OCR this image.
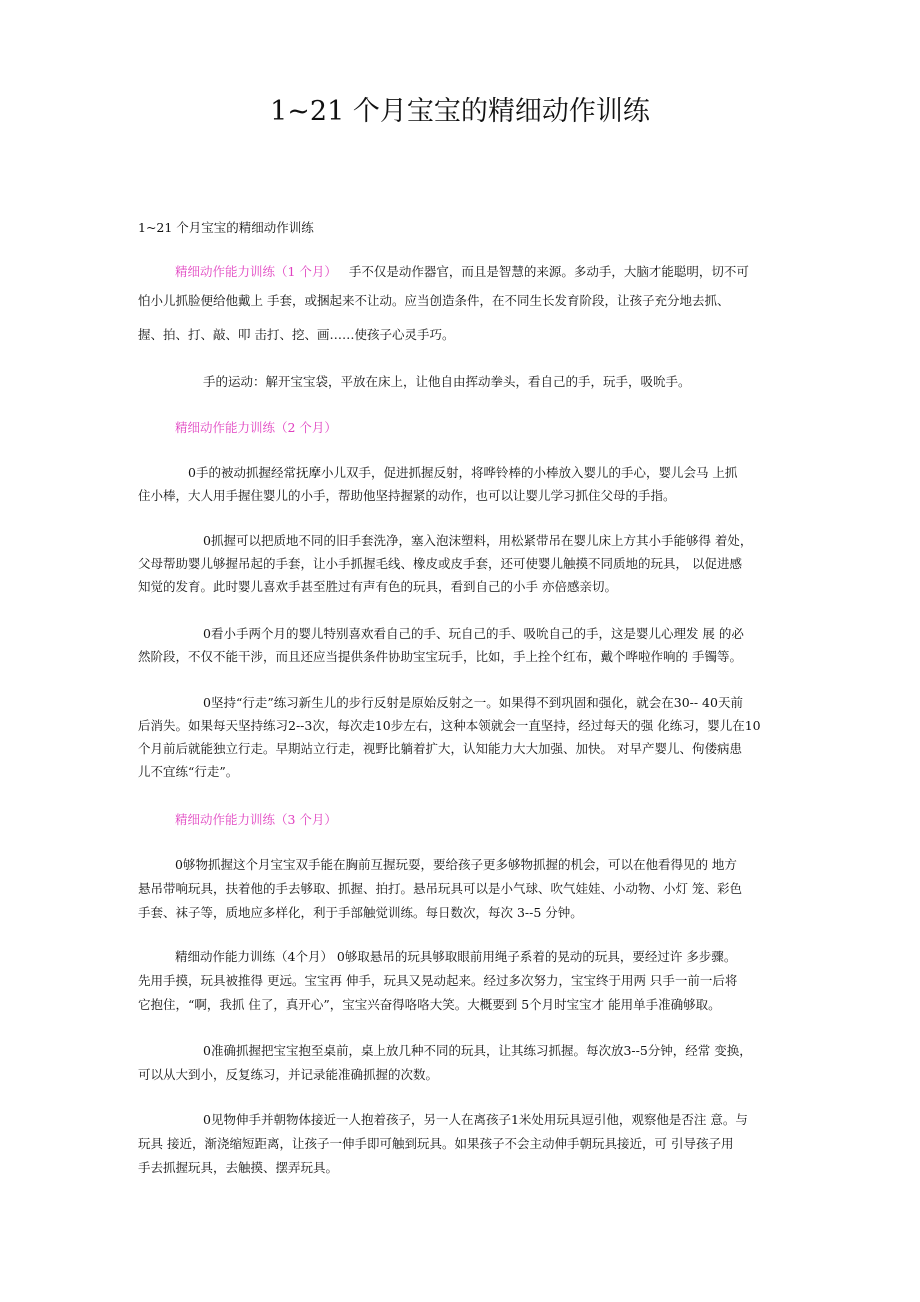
1~21 个月宝宝的精细动作训练

1~21 个月宝宝的精细动作训练

精细动作能力训练（1 个月） 手不仅是动作器官，而且是智慧的来源。多动手，大脑才能聪明，切不可

怕小儿抓脸便给他戴上 手套，或捆起来不让动。应当创造条件，在不同生长发育阶段，让孩子充分地去抓、

握、拍、打、敲、叩 击打、挖、画……使孩子心灵手巧。

手的运动：解开宝宝袋，平放在床上，让他自由挥动拳头，看自己的手，玩手，吸吮手。

精细动作能力训练（2 个月）

0手的被动抓握经常抚摩小儿双手，促进抓握反射，将哗铃棒的小棒放入婴儿的手心，婴儿会马 上抓

住小棒，大人用手握住婴儿的小手，帮助他坚持握紧的动作，也可以让婴儿学习抓住父母的手指。

0抓握可以把质地不同的旧手套洗净，塞入泡沫塑料，用松紧带吊在婴儿床上方其小手能够得 着处，

父母帮助婴儿够握吊起的手套，让小手抓握毛线、橡皮或皮手套，还可使婴儿触摸不同质地的玩具， 以促进感

知觉的发育。此时婴儿喜欢手甚至胜过有声有色的玩具，看到自己的小手 亦倍感亲切。

0看小手两个月的婴儿特别喜欢看自己的手、玩自己的手、吸吮自己的手，这是婴儿心理发 展 的必

然阶段，不仅不能干涉，而且还应当提供条件协助宝宝玩手，比如，手上拴个红布，戴个哗啦作响的 手镯等。

0坚持“行走”练习新生儿的步行反射是原始反射之一。如果得不到巩固和强化，就会在30-- 40天前

后消失。如果每天坚持练习2--3次，每次走10步左右，这种本领就会一直坚持，经过每天的强 化练习，婴儿在10

个月前后就能独立行走。早期站立行走，视野比躺着扩大，认知能力大大加强、加快。 对早产婴儿、佝偻病患

儿不宜练“行走”。

精细动作能力训练（3 个月）

0够物抓握这个月宝宝双手能在胸前互握玩耍，要给孩子更多够物抓握的机会，可以在他看得见的 地方

悬吊带响玩具，扶着他的手去够取、抓握、拍打。悬吊玩具可以是小气球、吹气娃娃、小动物、小灯 笼、彩色

手套、袜子等，质地应多样化，利于手部触觉训练。每日数次，每次 3--5 分钟。

精细动作能力训练（4个月） 0够取悬吊的玩具够取眼前用绳子系着的晃动的玩具，要经过许 多步骤。

先用手摸，玩具被推得 更远。宝宝再 伸手，玩具又晃动起来。经过多次努力，宝宝终于用两 只手一前一后将

它抱住，“啊，我抓 住了，真开心”，宝宝兴奋得咯咯大笑。大概要到 5个月时宝宝才 能用单手准确够取。

0准确抓握把宝宝抱至桌前，桌上放几种不同的玩具，让其练习抓握。每次放3--5分钟，经常 变换，

可以从大到小，反复练习，并记录能准确抓握的次数。

0见物伸手并朝物体接近一人抱着孩子，另一人在离孩子1米处用玩具逗引他，观察他是否注 意。与

玩具 接近，渐浇缩短距离，让孩子一伸手即可触到玩具。如果孩子不会主动伸手朝玩具接近，可 引导孩子用

手去抓握玩具，去触摸、摆弄玩具。
